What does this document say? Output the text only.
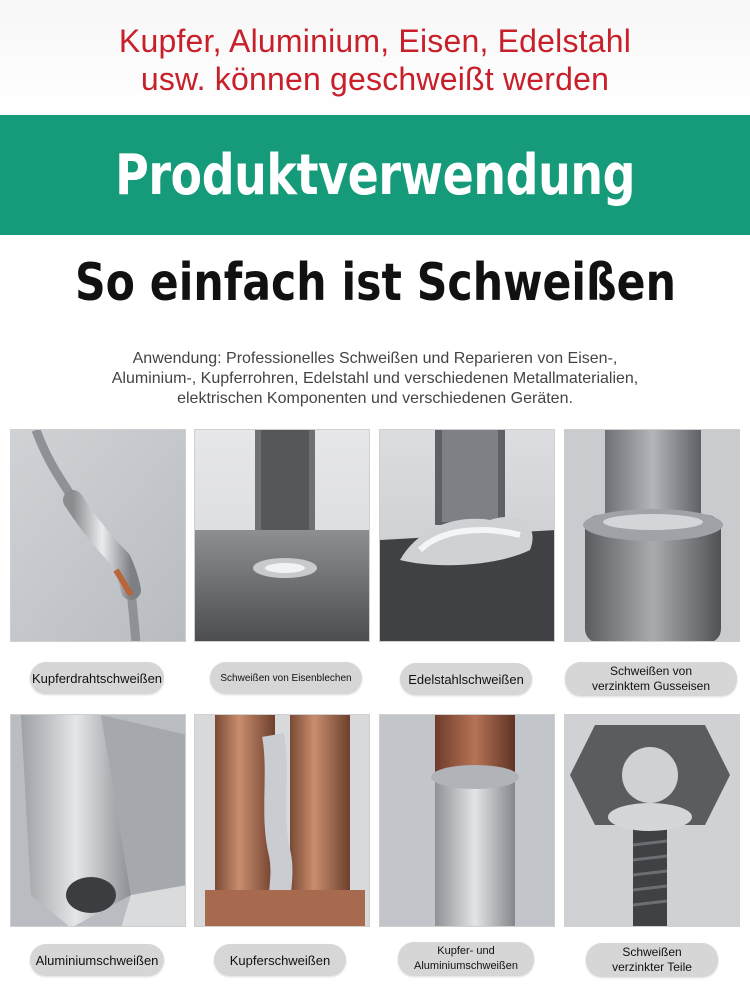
Kupfer, Aluminium, Eisen, Edelstahl
usw. können geschweißt werden
Produktverwendung
So einfach ist Schweißen
Anwendung: Professionelles Schweißen und Reparieren von Eisen-,
Aluminium-, Kupferrohren, Edelstahl und verschiedenen Metallmaterialien,
elektrischen Komponenten und verschiedenen Geräten.
Kupferdrahtschweißen	Schweißen von Eisenblechen	Edelstahlschweißen
Schweißen von
verzinktem Gusseisen
Aluminiumschweißen	Kupferschweißen
Kupfer- und
Aluminiumschweißen
Schweißen
verzinkter Teile
